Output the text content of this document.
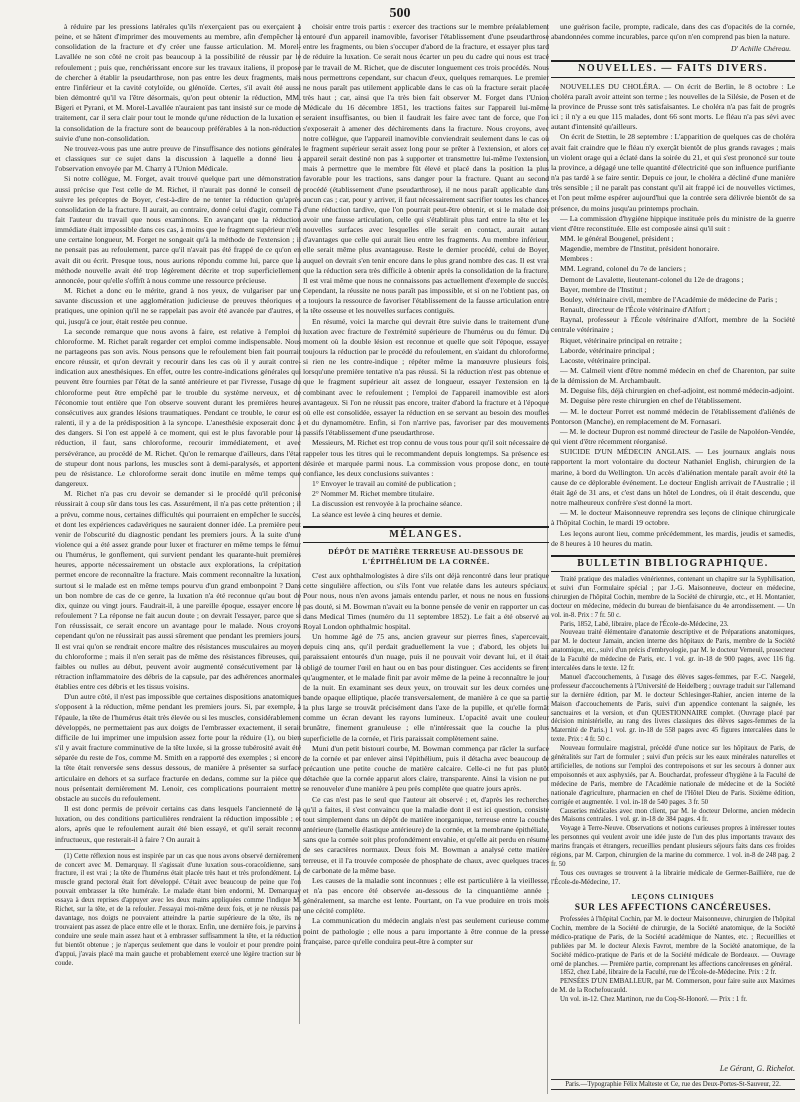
500

à réduire par les pressions latérales qu'ils n'exerçaient pas ou exerçaient à peine, et se hâtent d'imprimer des mouvements au membre, afin d'empêcher la consolidation de la fracture et d'y créer une fausse articulation. M. Morel-Lavallée ne son côté ne croit pas beaucoup à la possibilité de réussir par le refoulement ; puis que, renchérissant encore sur les travaux italiens, il propose de chercher à établir la pseudarthrose, non pas entre les deux fragments, mais entre l'inférieur et la cavité cotyloïde, ou glénoïde. Certes, s'il avait été aussi bien démontré qu'il va l'être désormais, qu'on peut obtenir la réduction, MM. Bigeri et Pyrani, et M. Morel-Lavallée n'auraient pas tant insisté sur ce mode de traitement, car il sera clair pour tout le monde qu'une réduction de la luxation et la consolidation de la fracture sont de beaucoup préférables à la non-réduction suivie d'une non-consolidation.

Ne trouvez-vous pas une autre preuve de l'insuffisance des notions générales et classiques sur ce sujet dans la discussion à laquelle a donné lieu à l'observation envoyée par M. Charry à l'Union Médicale.

Si notre collègue, M. Forget, avait trouvé quelque part une démonstration aussi précise que l'est celle de M. Richet, il n'aurait pas donné le conseil de suivre les préceptes de Boyer, c'est-à-dire de ne tenter la réduction qu'après consolidation de la fracture. Il aurait, au contraire, donné celui d'agir, comme l'a fait l'auteur du travail que nous examinons. En avançant que la réduction immédiate était impossible dans ces cas, à moins que le fragment supérieur n'eût une certaine longueur, M. Forget ne songeait qu'à la méthode de l'extension ; il ne pensait pas au refoulement, parce qu'il n'avait pas été frappé de ce qu'on en avait dit ou écrit. Presque tous, nous aurions répondu comme lui, parce que la méthode nouvelle avait été trop légèrement décrite et trop superficiellement annoncée, pour qu'elle s'offrît à nous comme une ressource précieuse.

M. Richet a donc eu le mérite, grand à nos yeux, de vulgariser par une savante discussion et une agglomération judicieuse de preuves théoriques et pratiques, une opinion qu'il ne se rappelait pas avoir été avancée par d'autres, et qui, jusqu'à ce jour, était restée peu connue.

La seconde remarque que nous avons à faire, est relative à l'emploi du chloroforme. M. Richet paraît regarder cet emploi comme indispensable. Nous ne partageons pas son avis. Nous pensons que le refoulement bien fait pourrait encore réussir, et qu'on devrait y recourir dans les cas où il y aurait contre-indication aux anesthésiques. En effet, outre les contre-indications générales qui peuvent être fournies par l'état de la santé antérieure et par l'ivresse, l'usage du chloroforme peut être empêché par le trouble du système nerveux, et de l'économie tout entière que l'on observe souvent durant les premières heures consécutives aux grandes lésions traumatiques. Pendant ce trouble, le cœur est ralenti, il y a de la prédisposition à la syncope. L'anesthésie exposerait donc à des dangers. Si l'on est appelé à ce moment, qui est le plus favorable pour la réduction, il faut, sans chloroforme, recourir immédiatement, et avec persévérance, au procédé de M. Richet. Qu'on le remarque d'ailleurs, dans l'état de stupeur dont nous parlons, les muscles sont à demi-paralysés, et apportent peu de résistance. Le chloroforme serait donc inutile en même temps que dangereux.

M. Richet n'a pas cru devoir se demander si le procédé qu'il préconise réussirait à coup sûr dans tous les cas. Assurément, il n'a pas cette prétention ; il a prévu, comme nous, certaines difficultés qui pourraient en empêcher le succès, et dont les expériences cadavériques ne sauraient donner idée. La première peut venir de l'obscurité du diagnostic pendant les premiers jours. À la suite d'une violence qui a été assez grande pour luxer et fracturer en même temps le fémur ou l'humérus, le gonflement, qui survient pendant les quarante-huit premières heures, apporte nécessairement un obstacle aux explorations, la crépitation permet encore de reconnaître la fracture. Mais comment reconnaître la luxation, surtout si le malade est en même temps pourvu d'un grand embonpoint ? Dans un bon nombre de cas de ce genre, la luxation n'a été reconnue qu'au bout de dix, quinze ou vingt jours. Faudrait-il, à une pareille époque, essayer encore le refoulement ? La réponse ne fait aucun doute ; on devrait l'essayer, parce que si l'on réussissait, ce serait encore un avantage pour le malade. Nous croyons cependant qu'on ne réussirait pas aussi sûrement que pendant les premiers jours. Il est vrai qu'on se rendrait encore maître des résistances musculaires au moyen du chloroforme ; mais il n'en serait pas de même des résistances fibreuses, qui, faibles ou nulles au début, peuvent avoir augmenté consécutivement par la rétraction inflammatoire des débris de la capsule, par des adhérences anormales établies entre ces débris et les tissus voisins.

D'un autre côté, il n'est pas impossible que certaines dispositions anatomiques s'opposent à la réduction, même pendant les premiers jours. Si, par exemple, à l'épaule, la tête de l'humérus était très élevée ou si les muscles, considérablement développés, ne permettaient pas aux doigts de l'embrasser exactement, il serait difficile de lui imprimer une impulsion assez forte pour la réduire (1), ou bien s'il y avait fracture comminutive de la tête luxée, si la grosse tubérosité avait été séparée du reste de l'os, comme M. Smith en a rapporté des exemples ; si encore la tête était renversée sens dessus dessous, de manière à présenter sa surface articulaire en dehors et sa surface fracturée en dedans, comme sur la pièce que nous présentait dernièrement M. Lenoir, ces complications pourraient mettre obstacle au succès du refoulement.

Il est donc permis de prévoir certains cas dans lesquels l'ancienneté de la luxation, ou des conditions particulières rendraient la réduction impossible ; et alors, après que le refoulement aurait été bien essayé, et qu'il serait reconnu infructueux, que resterait-il à faire ? On aurait à

(1) Cette réflexion nous est inspirée par un cas que nous avons observé dernièrement de concert avec M. Demarquay. Il s'agissait d'une luxation sous-coracoïdienne, sans fracture, il est vrai ; la tête de l'humérus était placée très haut et très profondément. Le muscle grand pectoral était fort développé. C'était avec beaucoup de peine que l'on pouvait embrasser la tête humérale. Le malade étant bien endormi, M. Demarquay essaya à deux reprises d'appuyer avec les deux mains appliquées comme l'indique M. Richet, sur la tête, et de la refouler. J'essayai moi-même deux fois, et je ne réussis pas davantage, nos doigts ne pouvaient atteindre la partie supérieure de la tête, ils ne trouvaient pas assez de place entre elle et le thorax. Enfin, une dernière fois, je parvins à conduire une seule main assez haut et à embrasser suffisamment la tête, et la réduction fut bientôt obtenue ; je n'aperçus seulement que dans le vouloir et pour prendre point d'appui, j'avais placé ma main gauche et probablement exercé une légère traction sur le coude.

choisir entre trois partis : exercer des tractions sur le membre préalablement entouré d'un appareil inamovible, favoriser l'établissement d'une pseudarthrose entre les fragments, ou bien s'occuper d'abord de la fracture, et essayer plus tard de réduire la luxation. Ce serait nous écarter un peu du cadre qui nous est tracé par le travail de M. Richet, que de discuter longuement ces trois procédés. Nous nous permettrons cependant, sur chacun d'eux, quelques remarques. Le premier ne nous paraît pas utilement applicable dans le cas où la fracture serait placée très haut ; car, ainsi que l'a très bien fait observer M. Forget dans l'Union Médicale du 16 décembre 1851, les tractions faites sur l'appareil lui-même seraient insuffisantes, ou bien il faudrait les faire avec tant de force, que l'on s'exposerait à amener des déchirements dans la fracture. Nous croyons, avec notre collègue, que l'appareil inamovible conviendrait seulement dans le cas où le fragment supérieur serait assez long pour se prêter à l'extension, et alors cet appareil serait destiné non pas à supporter et transmettre lui-même l'extension, mais à permettre que le membre fût élevé et placé dans la position la plus favorable pour les tractions, sans danger pour la fracture. Quant au second procédé (établissement d'une pseudarthrose), il ne nous paraît applicable dans aucun cas ; car, pour y arriver, il faut nécessairement sacrifier toutes les chances d'une réduction tardive, que l'on pourrait peut-être obtenir, et si le malade doit avoir une fausse articulation, celle qui s'établirait plus tard entre la tête et les nouvelles surfaces avec lesquelles elle serait en contact, aurait autant d'avantages que celle qui aurait lieu entre les fragments. Au membre inférieur, elle serait même plus avantageuse. Reste le dernier procédé, celui de Boyer, auquel on devrait s'en tenir encore dans le plus grand nombre des cas. Il est vrai que la réduction sera très difficile à obtenir après la consolidation de la fracture. Il est vrai même que nous ne connaissons pas actuellement d'exemple de succès. Cependant, la réussite ne nous paraît pas impossible, et si on ne l'obtient pas, on a toujours la ressource de favoriser l'établissement de la fausse articulation entre la tête osseuse et les nouvelles surfaces contiguës.

En résumé, voici la marche qui devrait être suivie dans le traitement d'une luxation avec fracture de l'extrémité supérieure de l'humérus ou du fémur. Du moment où la double lésion est reconnue et quelle que soit l'époque, essayer toujours la réduction par le procédé du refoulement, en s'aidant du chloroforme, si rien ne les contre-indique ; répéter même la manœuvre plusieurs fois, lorsqu'une première tentative n'a pas réussi. Si la réduction n'est pas obtenue et que le fragment supérieur ait assez de longueur, essayer l'extension en la combinant avec le refoulement ; l'emploi de l'appareil inamovible est alors avantageux. Si l'on ne réussit pas encore, traiter d'abord la fracture et à l'époque où elle est consolidée, essayer la réduction en se servant au besoin des moufles et du dynamomètre. Enfin, si l'on n'arrive pas, favoriser par des mouvements passifs l'établissement d'une pseudarthrose.

Messieurs, M. Richet est trop connu de vous tous pour qu'il soit nécessaire de rappeler tous les titres qui le recommandent depuis longtemps. Sa présence est désirée et marquée parmi nous. La commission vous propose donc, en toute confiance, les deux conclusions suivantes :

1° Envoyer le travail au comité de publication ;
2° Nommer M. Richet membre titulaire.

La discussion est renvoyée à la prochaine séance.

La séance est levée à cinq heures et demie.

MÉLANGES.
DÉPÔT DE MATIÈRE TERREUSE AU-DESSOUS DE L'ÉPITHÉLIUM DE LA CORNÉE.

C'est aux ophthalmologistes à dire s'ils ont déjà rencontré dans leur pratique cette singulière affection, ou s'ils l'ont vue relatée dans les auteurs spéciaux. Pour nous, nous n'en avons jamais entendu parler, et nous ne nous en fussions pas douté, si M. Bowman n'avait eu la bonne pensée de venir en rapporter un cas dans Medical Times (numéro du 11 septembre 1852). Le fait a été observé au Royal London ophthalmic hospital.

Un homme âgé de 75 ans, ancien graveur sur pierres fines, s'apercevait, depuis cinq ans, qu'il perdait graduellement la vue ; d'abord, les objets lui paraissaient entourés d'un nuage, puis il ne pouvait voir devant lui, et il était obligé de tourner l'œil en haut ou en bas pour distinguer. Ces accidents se firent qu'augmenter, et le malade finit par avoir même de la peine à reconnaître le jour de la nuit. En examinant ses deux yeux, on trouvait sur les deux cornées une bande opaque elliptique, placée transversalement, de manière à ce que sa partie la plus large se trouvât précisément dans l'axe de la pupille, et qu'elle formât comme un écran devant les rayons lumineux. L'opacité avait une couleur brunâtre, finement granuleuse ; elle n'intéressait que la couche la plus superficielle de la cornée, et l'iris paraissait complètement saine.

Muni d'un petit bistouri courbe, M. Bowman commença par râcler la surface de la cornée et par enlever ainsi l'épithélium, puis il détacha avec beaucoup de précaution une petite couche de matière calcaire. Celle-ci ne fut pas plutôt détachée que la cornée apparut alors claire, transparente. Ainsi la vision ne put se renouveler d'une manière à peu près complète que quatre jours après.

Ce cas n'est pas le seul que l'auteur ait observé ; et, d'après les recherches qu'il a faites, il s'est convaincu que la maladie dont il est ici question, consiste tout simplement dans un dépôt de matière inorganique, terreuse entre la couche antérieure (lamelle élastique antérieure) de la cornée, et la membrane épithéliale, sans que la cornée soit plus profondément envahie, et qu'elle ait perdu en résumé de ses caractères normaux. Deux fois M. Bowman a analysé cette matière terreuse, et il l'a trouvée composée de phosphate de chaux, avec quelques traces de carbonate de la même base.

Les causes de la maladie sont inconnues ; elle est particulière à la vieillesse, et n'a pas encore été observée au-dessous de la cinquantième année ; généralement, sa marche est lente. Pourtant, on l'a vue produire en trois mois une cécité complète.

La communication du médecin anglais n'est pas seulement curieuse comme point de pathologie ; elle nous a paru importante à être connue de la presse française, parce qu'elle conduira peut-être à compter sur

une guérison facile, prompte, radicale, dans des cas d'opacités de la cornée, abandonnées comme incurables, parce qu'on n'en comprend pas bien la nature.

D' Achille Chéreau.
NOUVELLES. — FAITS DIVERS.

NOUVELLES DU CHOLÉRA. — On écrit de Berlin, le 8 octobre : Le choléra paraît avoir atteint son terme ; les nouvelles de la Silésie, de Posen et de la province de Prusse sont très satisfaisantes. Le choléra n'a pas fait de progrès ici ; il n'y a eu que 115 malades, dont 66 sont morts. Le fléau n'a pas sévi avec autant d'intensité qu'ailleurs.

On écrit de Stettin, le 28 septembre : L'apparition de quelques cas de choléra avait fait craindre que le fléau n'y exerçât bientôt de plus grands ravages ; mais un violent orage qui a éclaté dans la soirée du 21, et qui s'est prononcé sur toute la province, a dégagé une telle quantité d'électricité que son influence purifiante n'a pas tardé à se faire sentir. Depuis ce jour, le choléra a décliné d'une manière très sensible ; il ne paraît pas constant qu'il ait frappé ici de nouvelles victimes, et l'on peut même espérer aujourd'hui que la contrée sera délivrée bientôt de sa présence, du moins jusqu'au printemps prochain.

— La commission d'hygiène hippique instituée près du ministre de la guerre vient d'être reconstituée. Elle est composée ainsi qu'il suit :

MM. le général Bougenel, président ;
Magendie, membre de l'Institut, président honoraire.
Membres :
MM. Legrand, colonel du 7e de lanciers ;
Demont de Lavalette, lieutenant-colonel du 12e de dragons ;
Bayer, membre de l'Institut ;
Bouley, vétérinaire civil, membre de l'Académie de médecine de Paris ;
Renault, directeur de l'École vétérinaire d'Alfort ;
Raynal, professeur à l'École vétérinaire d'Alfort, membre de la Société centrale vétérinaire ;
Riquet, vétérinaire principal en retraite ;
Laborde, vétérinaire principal ;
Lacoste, vétérinaire principal.

— M. Calmeil vient d'être nommé médecin en chef de Charenton, par suite de la démission de M. Archambault.

M. Deguise fils, déjà chirurgien en chef-adjoint, est nommé médecin-adjoint.

M. Deguise père reste chirurgien en chef de l'établissement.

— M. le docteur Porret est nommé médecin de l'établissement d'aliénés de Pontorson (Manche), en remplacement de M. Fornasari.

— M. le docteur Dupron est nommé directeur de l'asile de Napoléon-Vendée, qui vient d'être récemment réorganisé.

SUICIDE D'UN MÉDECIN ANGLAIS. — Les journaux anglais nous rapportent la mort volontaire du docteur Nathaniel English, chirurgien de la marine, à bord du Wellington. Un accès d'aliénation mentale paraît avoir été la cause de ce déplorable événement. Le docteur English arrivait de l'Australie ; il était âgé de 31 ans, et c'est dans un hôtel de Londres, où il était descendu, que notre malheureux confrère s'est donné la mort.

— M. le docteur Maisonneuve reprendra ses leçons de clinique chirurgicale à l'hôpital Cochin, le mardi 19 octobre.

Les leçons auront lieu, comme précédemment, les mardis, jeudis et samedis, de 8 heures à 10 heures du matin.

BULLETIN BIBLIOGRAPHIQUE.

Traité pratique des maladies vénériennes, contenant un chapitre sur la Syphilisation, et suivi d'un Formulaire spécial ; par J.-G. Maisonneuve, docteur en médecine, chirurgien de l'hôpital Cochin, membre de la Société de chirurgie, etc., et H. Montanier, docteur en médecine, médecin du bureau de bienfaisance du 4e arrondissement. — Un vol. in-8. Prix : 7 fr. 50 c.

Paris, 1852, Labé, libraire, place de l'École-de-Médecine, 23.

Nouveau traité élémentaire d'anatomie descriptive et de Préparations anatomiques, par M. le docteur Jamain, ancien interne des hôpitaux de Paris, membre de la Société anatomique, etc., suivi d'un précis d'embryologie, par M. le docteur Verneuil, prosecteur de la Faculté de médecine de Paris, etc. 1 vol. gr. in-18 de 900 pages, avec 116 fig. intercalées dans le texte. 12 fr.

Manuel d'accouchements, à l'usage des élèves sages-femmes, par F.-C. Naegelé, professeur d'accouchements à l'Université de Heidelberg ; ouvrage traduit sur l'allemand sur la dernière édition, par M. le docteur Schlesinger-Rahier, ancien interne de la Maison d'accouchements de Paris, suivi d'un appendice contenant la saignée, les sanctuaires et la version, et d'un QUESTIONNAIRE complet. (Ouvrage placé par décision ministérielle, au rang des livres classiques des élèves sages-femmes de la Maternité de Paris.) 1 vol. gr. in-18 de 558 pages avec 45 figures intercalées dans le texte. Prix : 4 fr. 50 c.

Nouveau formulaire magistral, précédé d'une notice sur les hôpitaux de Paris, de généralités sur l'art de formuler ; suivi d'un précis sur les eaux minérales naturelles et artificielles, de notions sur l'emploi des contrepoisons et sur les secours à donner aux empoisonnés et aux asphyxiés, par A. Bouchardat, professeur d'hygiène à la Faculté de médecine de Paris, membre de l'Académie nationale de médecine et de la Société nationale d'agriculture, pharmacien en chef de l'Hôtel Dieu de Paris. Sixième édition, corrigée et augmentée. 1 vol. in-18 de 540 pages. 3 fr. 50

Causeries médicales avec mon client, par M. le docteur Delorme, ancien médecin des Maisons centrales. 1 vol. gr. in-18 de 384 pages. 4 fr.

Voyage à Terre-Neuve. Observations et notions curieuses propres à intéresser toutes les personnes qui veulent avoir une idée juste de l'un des plus importants travaux des marins français et étrangers, recueillies pendant plusieurs séjours faits dans ces froides régions, par M. Carpon, chirurgien de la marine du commerce. 1 vol. in-8 de 248 pag. 2 fr. 50

Tous ces ouvrages se trouvent à la librairie médicale de Germer-Baillière, rue de l'École-de-Médecine, 17.

LEÇONS CLINIQUES
SUR LES AFFECTIONS CANCÉREUSES.

Professées à l'hôpital Cochin, par M. le docteur Maisonneuve, chirurgien de l'hôpital Cochin, membre de la Société de chirurgie, de la Société anatomique, de la Société médico-pratique de Paris, de la Société académique de Nantes, etc. ; Recueillies et publiées par M. le docteur Alexis Favrot, membre de la Société anatomique, de la Société médico-pratique de Paris et de la Société médicale de Bordeaux. — Ouvrage orné de planches. — Première partie, comprenant les affections cancéreuses en général.

1852, chez Labé, libraire de la Faculté, rue de l'École-de-Médecine. Prix : 2 fr.

PENSÉES D'UN EMBALLEUR, par M. Commerson, pour faire suite aux Maximes de M. de la Rochefoucauld.

Un vol. in-12. Chez Martinon, rue du Coq-St-Honoré. — Prix : 1 fr.

Le Gérant, G. Richelot.
Paris.—Typographie Félix Malteste et Ce, rue des Deux-Portes-St-Sauveur, 22.
